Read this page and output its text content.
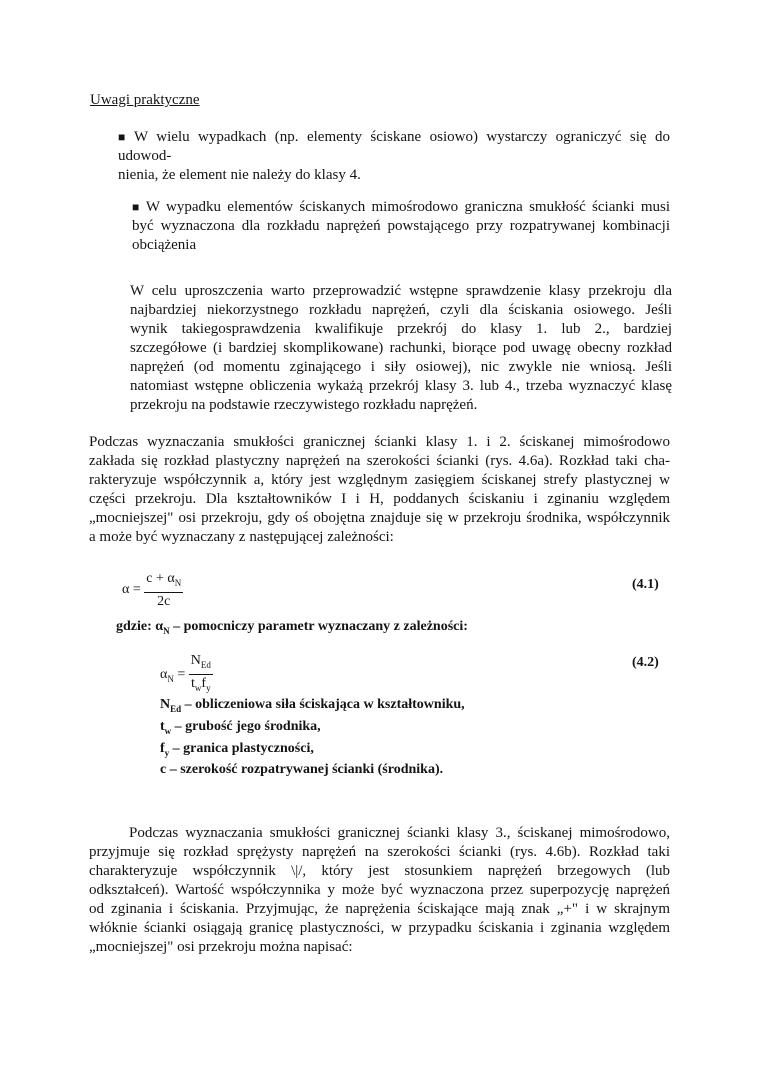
Uwagi praktyczne
■ W wielu wypadkach (np. elementy ściskane osiowo) wystarczy ograniczyć się do
udowod-
nienia, że element nie należy do klasy 4.
■ W wypadku elementów ściskanych mimośrodowo graniczna smukłość ścianki musi
być wyznaczona dla rozkładu naprężeń powstającego przy rozpatrywanej kombinacji
obciążenia
W celu uproszczenia warto przeprowadzić wstępne sprawdzenie klasy przekroju dla
najbardziej niekorzystnego rozkładu naprężeń, czyli dla ściskania osiowego. Jeśli
wynik takiegosprawdzenia kwalifikuje przekrój do klasy 1. lub 2., bardziej
szczegółowe (i bardziej skomplikowane) rachunki, biorące pod uwagę obecny rozkład
naprężeń (od momentu zginającego i siły osiowej), nic zwykle nie wniosą. Jeśli
natomiast wstępne obliczenia wykażą przekrój klasy 3. lub 4., trzeba wyznaczyć klasę
przekroju na podstawie rzeczywistego rozkładu naprężeń.
Podczas wyznaczania smukłości granicznej ścianki klasy 1. i 2. ściskanej mimośrodowo
zakłada się rozkład plastyczny naprężeń na szerokości ścianki (rys. 4.6a). Rozkład taki cha-
rakteryzuje współczynnik a, który jest względnym zasięgiem ściskanej strefy plastycznej w
części przekroju. Dla kształtowników I i H, poddanych ściskaniu i zginaniu względem
„mocniejszej" osi przekroju, gdy oś obojętna znajduje się w przekroju środnika, współczynnik
a może być wyznaczany z następującej zależności:
$\alpha = \frac{c + \alpha_N}{2c}$	(4.1)
gdzie: $\alpha_N$ – pomocniczy parametr wyznaczany z zależności:
$\alpha_N = \frac{N_{Ed}}{t_wf_y}$	(4.2)
$N_{Ed}$ – obliczeniowa siła ściskająca w kształtowniku,
$t_w$ – grubość jego środnika,
$f_y$ – granica plastyczności,
c – szerokość rozpatrywanej ścianki (środnika).
Podczas wyznaczania smukłości granicznej ścianki klasy 3., ściskanej mimośrodowo,
przyjmuje się rozkład sprężysty naprężeń na szerokości ścianki (rys. 4.6b). Rozkład taki
charakteryzuje współczynnik \|/, który jest stosunkiem naprężeń brzegowych (lub
odkształceń). Wartość współczynnika y może być wyznaczona przez superpozycję naprężeń
od zginania i ściskania. Przyjmując, że naprężenia ściskające mają znak „+" i w skrajnym
włóknie ścianki osiągają granicę plastyczności, w przypadku ściskania i zginania względem
„mocniejszej" osi przekroju można napisać:
